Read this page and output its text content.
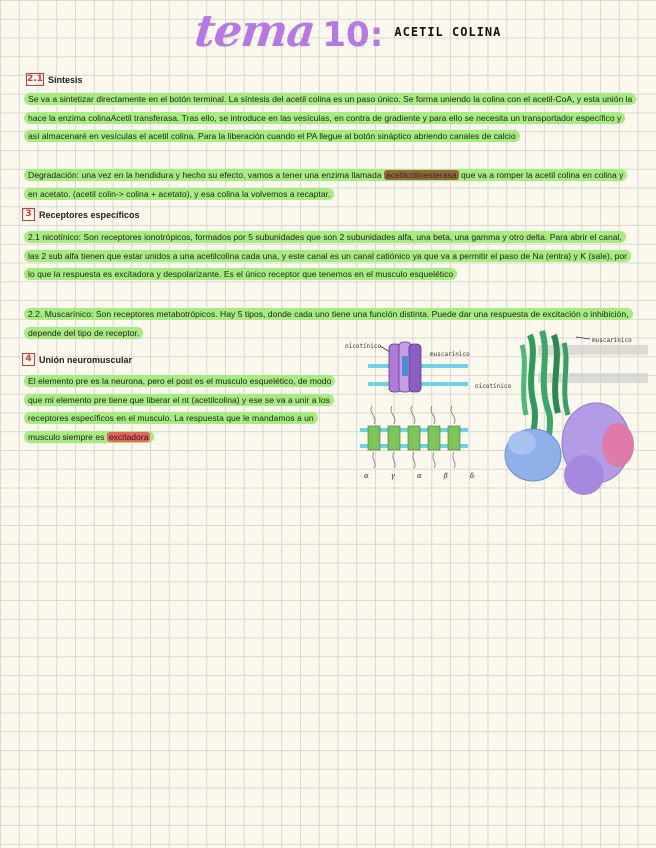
tema 10: ACETIL COLINA
2.1 Síntesis

Se va a sintetizar directamente en el botón terminal. La síntesis del acetil colina es un paso único. Se forma uniendo la colina con el acetil-CoA, y esta unión la hace la enzima colinaAcetil transferasa. Tras ello, se introduce en las vesículas, en contra de gradiente y para ello se necesita un transportador específico y así almacenaré en vesículas el acetil colina. Para la liberación cuando el PA llegue al botón sináptico abriendo canales de calcio

Degradación: una vez en la hendidura y hecho su efecto, vamos a tener una enzima llamada acetilcolinesterasa que va a romper la acetil colina en colina y en acetato. (acetil colin-> colina + acetato), y esa colina la volvemos a recaptar.

3 Receptores específicos

2.1 nicotínico: Son receptores ionotrópicos, formados por 5 subunidades que son 2 subunidades alfa, una beta, una gamma y otro delta. Para abrir el canal, las 2 sub alfa tienen que estar unidos a una acetilcolina cada una, y este canal es un canal catiónico ya que va a permitir el paso de Na (entra) y K (sale), por lo que la respuesta es excitadora y despolarizante. Es el único receptor que tenemos en el musculo esquelético

2.2. Muscarínico: Son receptores metabotrópicos. Hay 5 tipos, donde cada uno tiene una función distinta. Puede dar una respuesta de excitación o inhibición, depende del tipo de receptor.

4 Unión neuromuscular

El elemento pre es la neurona, pero el post es el musculo esquelético, de modo que mi elemento pre tiene que liberar el nt (acetilcolina) y ese se va a unir a los receptores específicos en el musculo. La respuesta que le mandamos a un musculo siempre es excitadora

nicotínico
muscarínico
α	γ	α	β	δ
muscarínico
nicotínico
